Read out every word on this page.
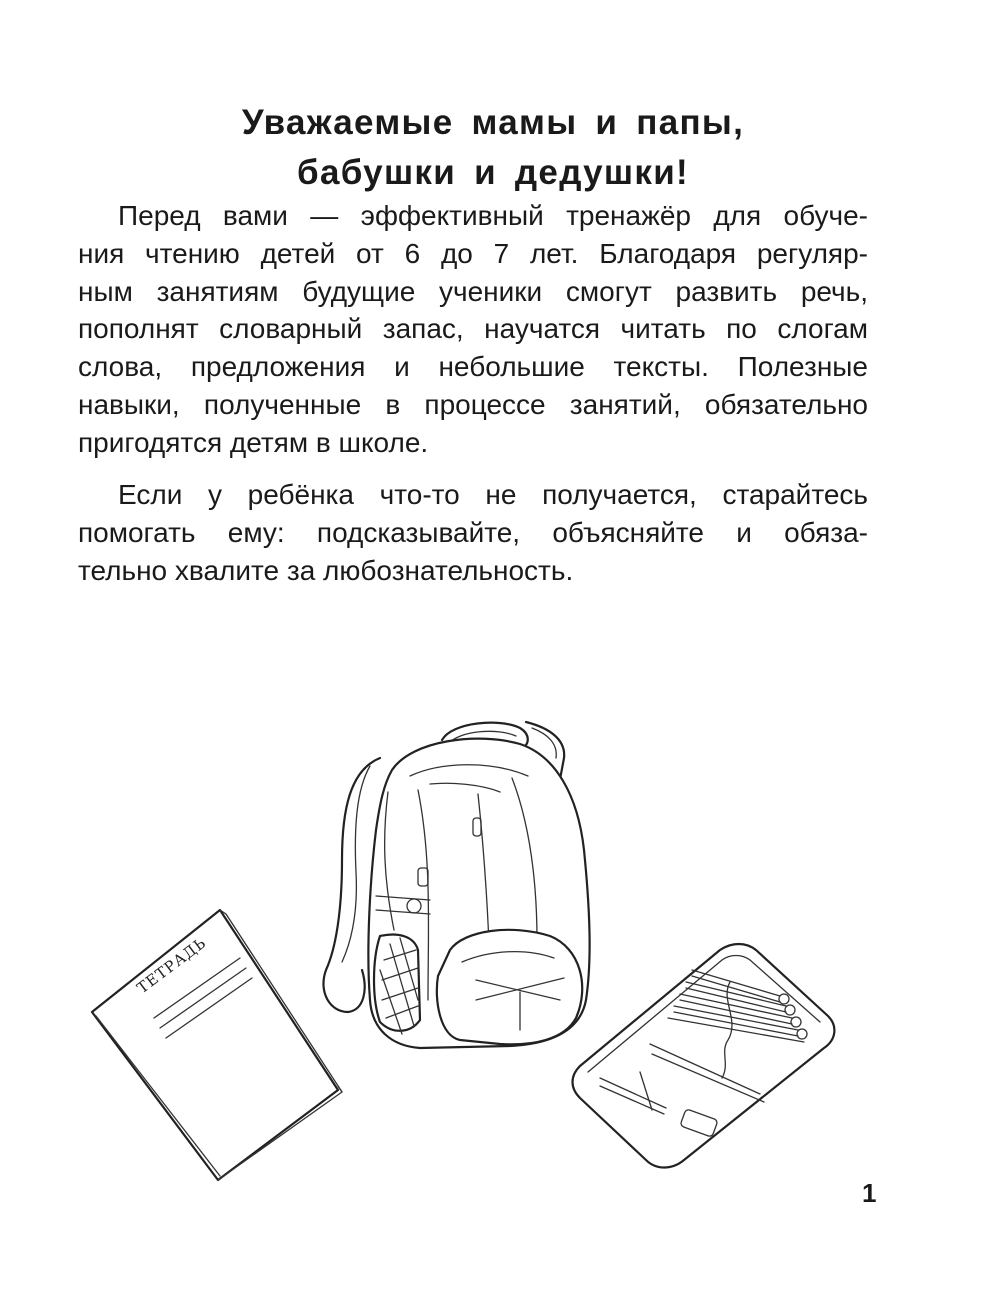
Уважаемые мамы и папы,
бабушки и дедушки!

Перед вами — эффективный тренажёр для обуче-
ния чтению детей от 6 до 7 лет. Благодаря регуляр-
ным занятиям будущие ученики смогут развить речь,
пополнят словарный запас, научатся читать по слогам
слова, предложения и небольшие тексты. Полезные
навыки, полученные в процессе занятий, обязательно
пригодятся детям в школе.

Если у ребёнка что-то не получается, старайтесь
помогать ему: подсказывайте, объясняйте и обяза-
тельно хвалите за любознательность.

ТЕТРАДЬ
1
